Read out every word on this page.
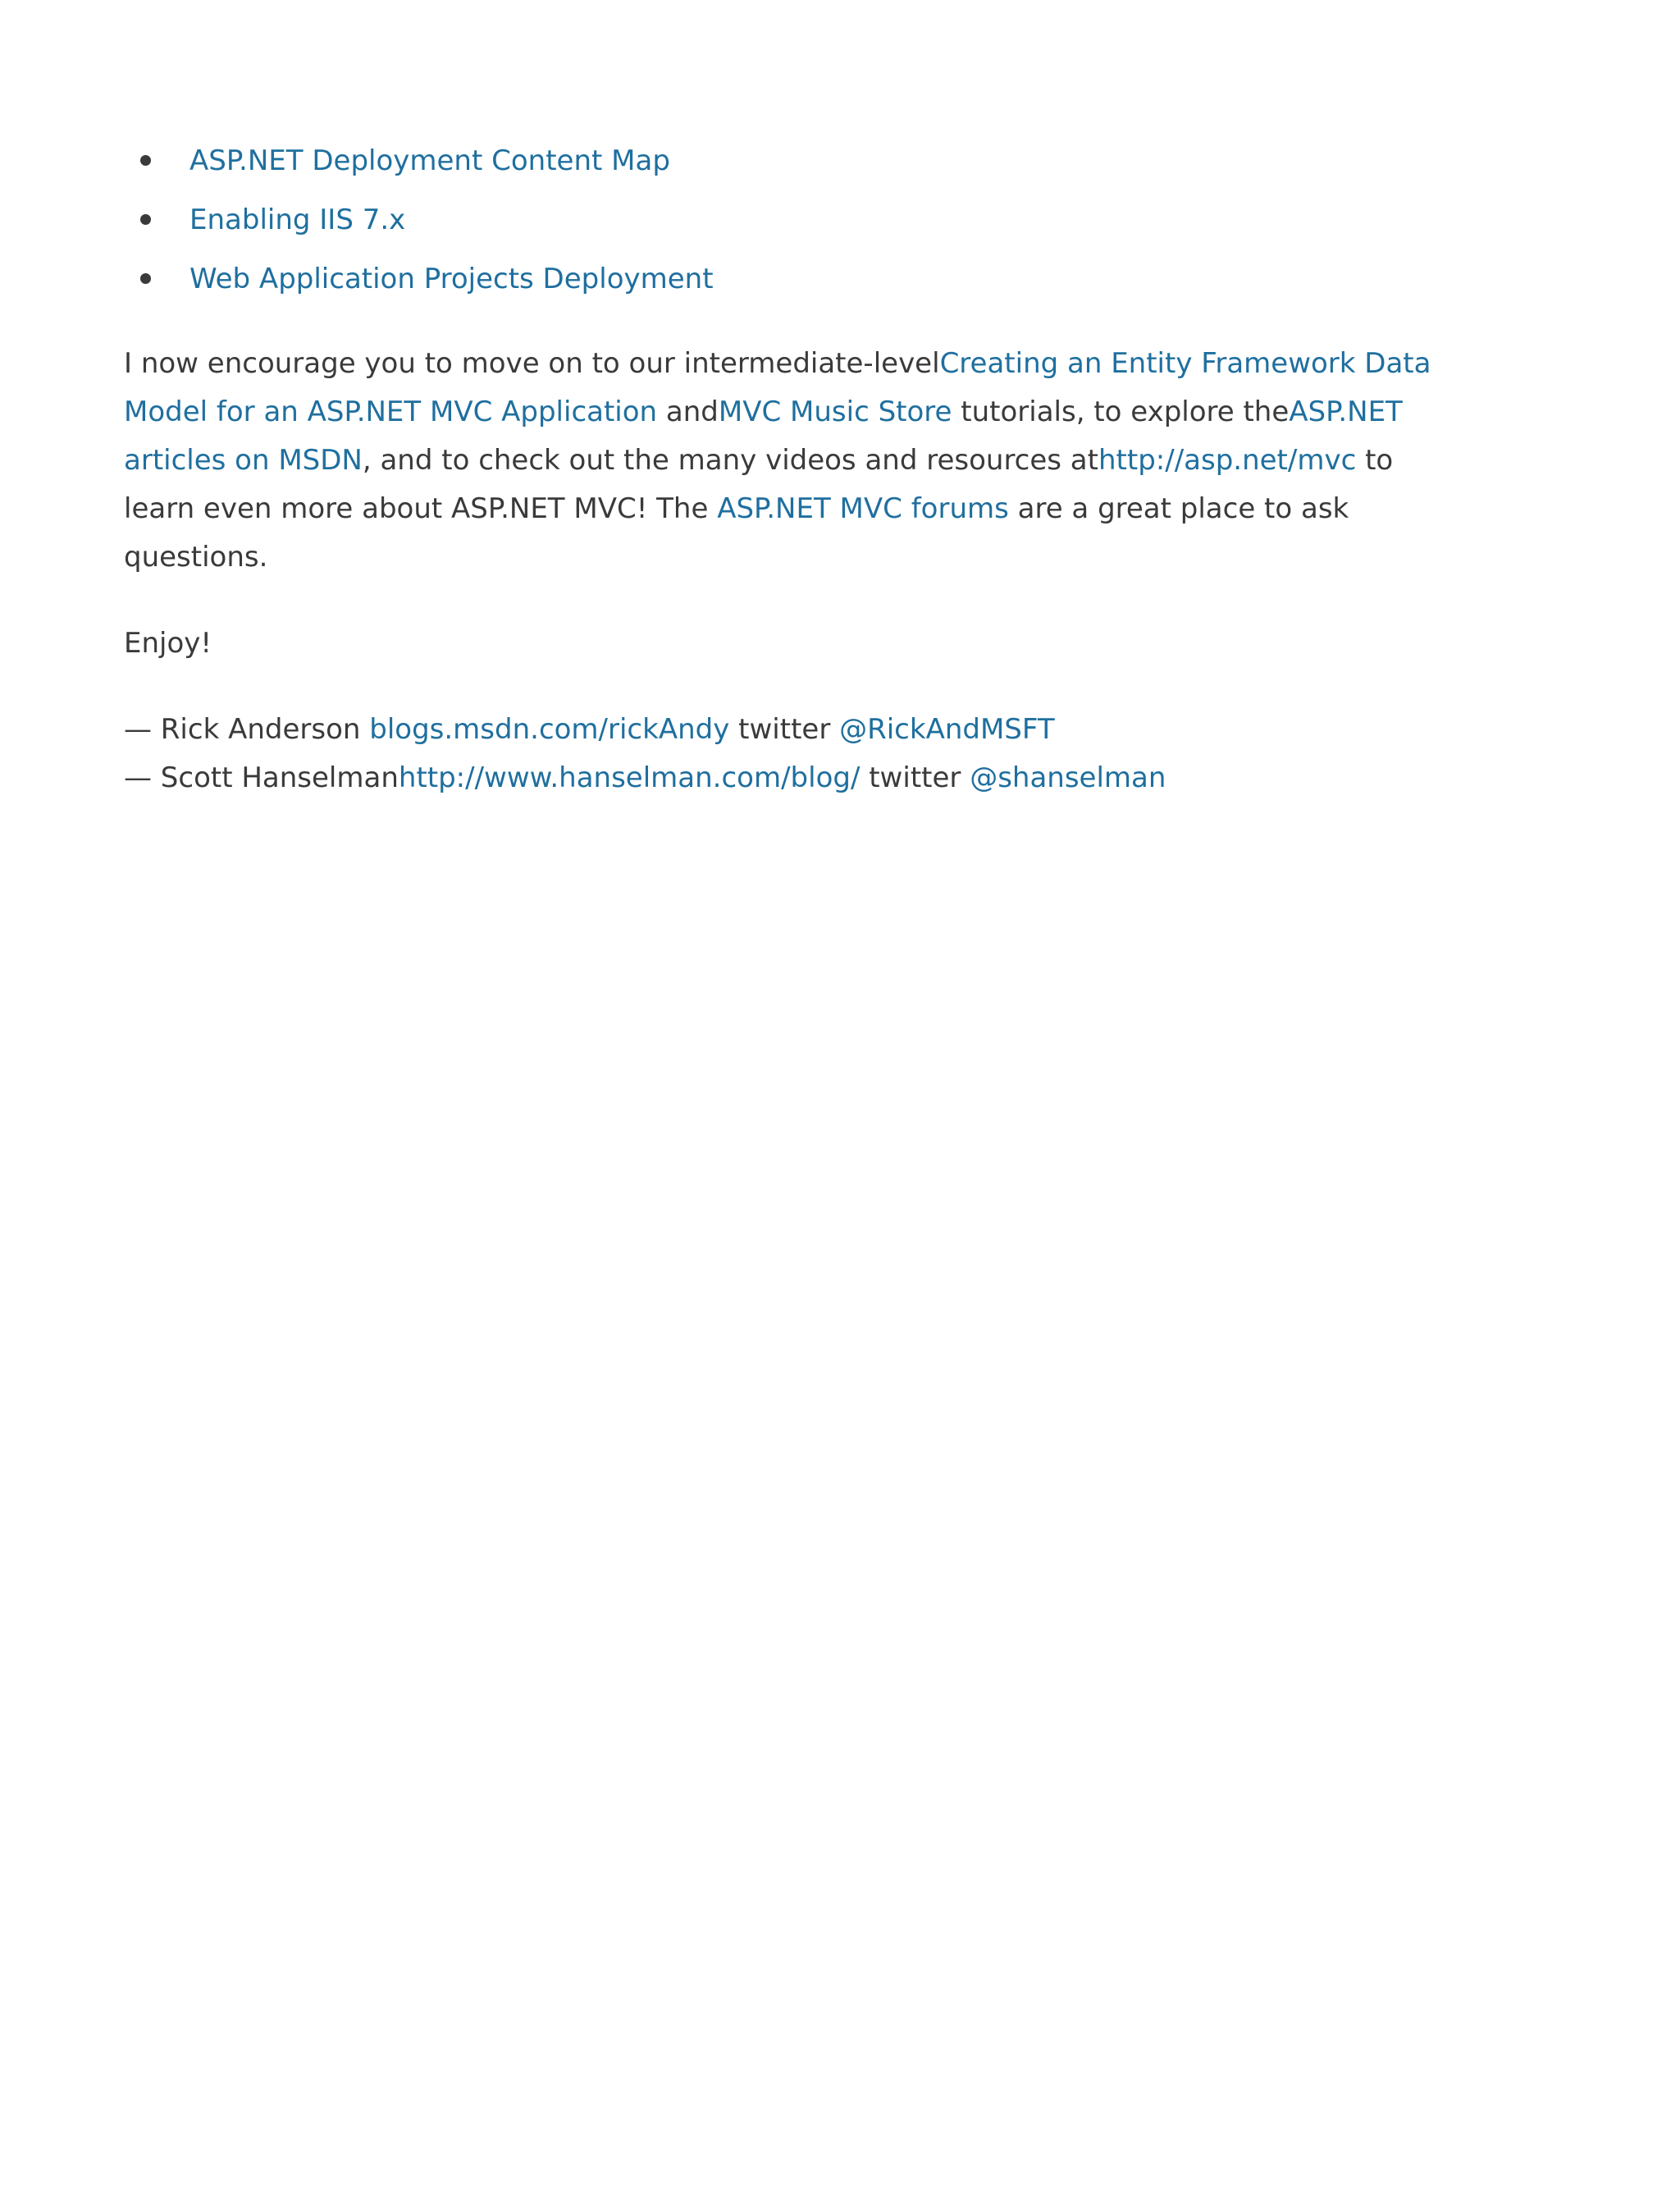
ASP.NET Deployment Content Map
Enabling IIS 7.x
Web Application Projects Deployment
I now encourage you to move on to our intermediate-levelCreating an Entity Framework Data Model for an ASP.NET MVC Application andMVC Music Store tutorials, to explore theASP.NET articles on MSDN, and to check out the many videos and resources athttp://asp.net/mvc to learn even more about ASP.NET MVC! The ASP.NET MVC forums are a great place to ask questions.
Enjoy!
— Rick Anderson blogs.msdn.com/rickAndy twitter @RickAndMSFT
— Scott Hanselmanhttp://www.hanselman.com/blog/ twitter @shanselman
